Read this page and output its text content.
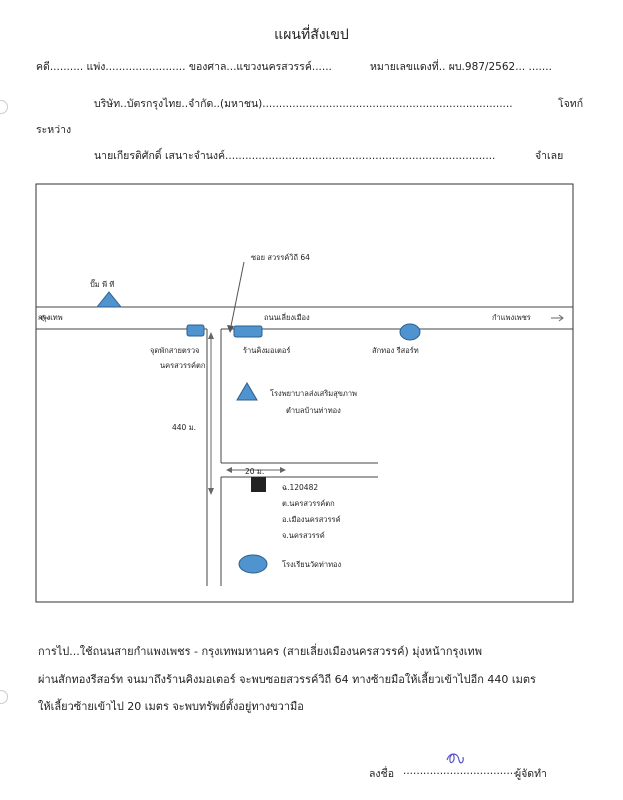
แผนที่สังเขป
คดี.......... แพ่ง........................ ของศาล...แขวงนครสวรรค์......	หมายเลขแดงที่.. ผบ.987/2562... .......
บริษัท..บัตรกรุงไทย..จำกัด..(มหาชน)...........................................................................	โจทก์
ระหว่าง
นายเกียรติศักดิ์ เสนาะจำนงค์.................................................................................	จำเลย
กรุงเทพ	กำแพงเพชร
ถนนเลี่ยงเมือง
ซอย สวรรค์วิถี 64
ปั๊ม พี ที
จุดพักสายตรวจ
นครสวรรค์ตก
ร้านคิงมอเตอร์	สักทอง รีสอร์ท
โรงพยาบาลส่งเสริมสุขภาพ
ตำบลบ้านท่าทอง
440 ม.
20 ม.
ฉ.120482
ต.นครสวรรค์ตก
อ.เมืองนครสวรรค์
จ.นครสวรรค์
โรงเรียนวัดท่าทอง
การไป...ใช้ถนนสายกำแพงเพชร - กรุงเทพมหานคร (สายเลี่ยงเมืองนครสวรรค์) มุ่งหน้ากรุงเทพ
ผ่านสักทองรีสอร์ท จนมาถึงร้านคิงมอเตอร์ จะพบซอยสวรรค์วิถี 64 ทางซ้ายมือให้เลี้ยวเข้าไปอีก 440 เมตร
ให้เลี้ยวซ้ายเข้าไป 20 เมตร จะพบทรัพย์ตั้งอยู่ทางขวามือ
ลงชื่อ ..................................
ผู้จัดทำ
